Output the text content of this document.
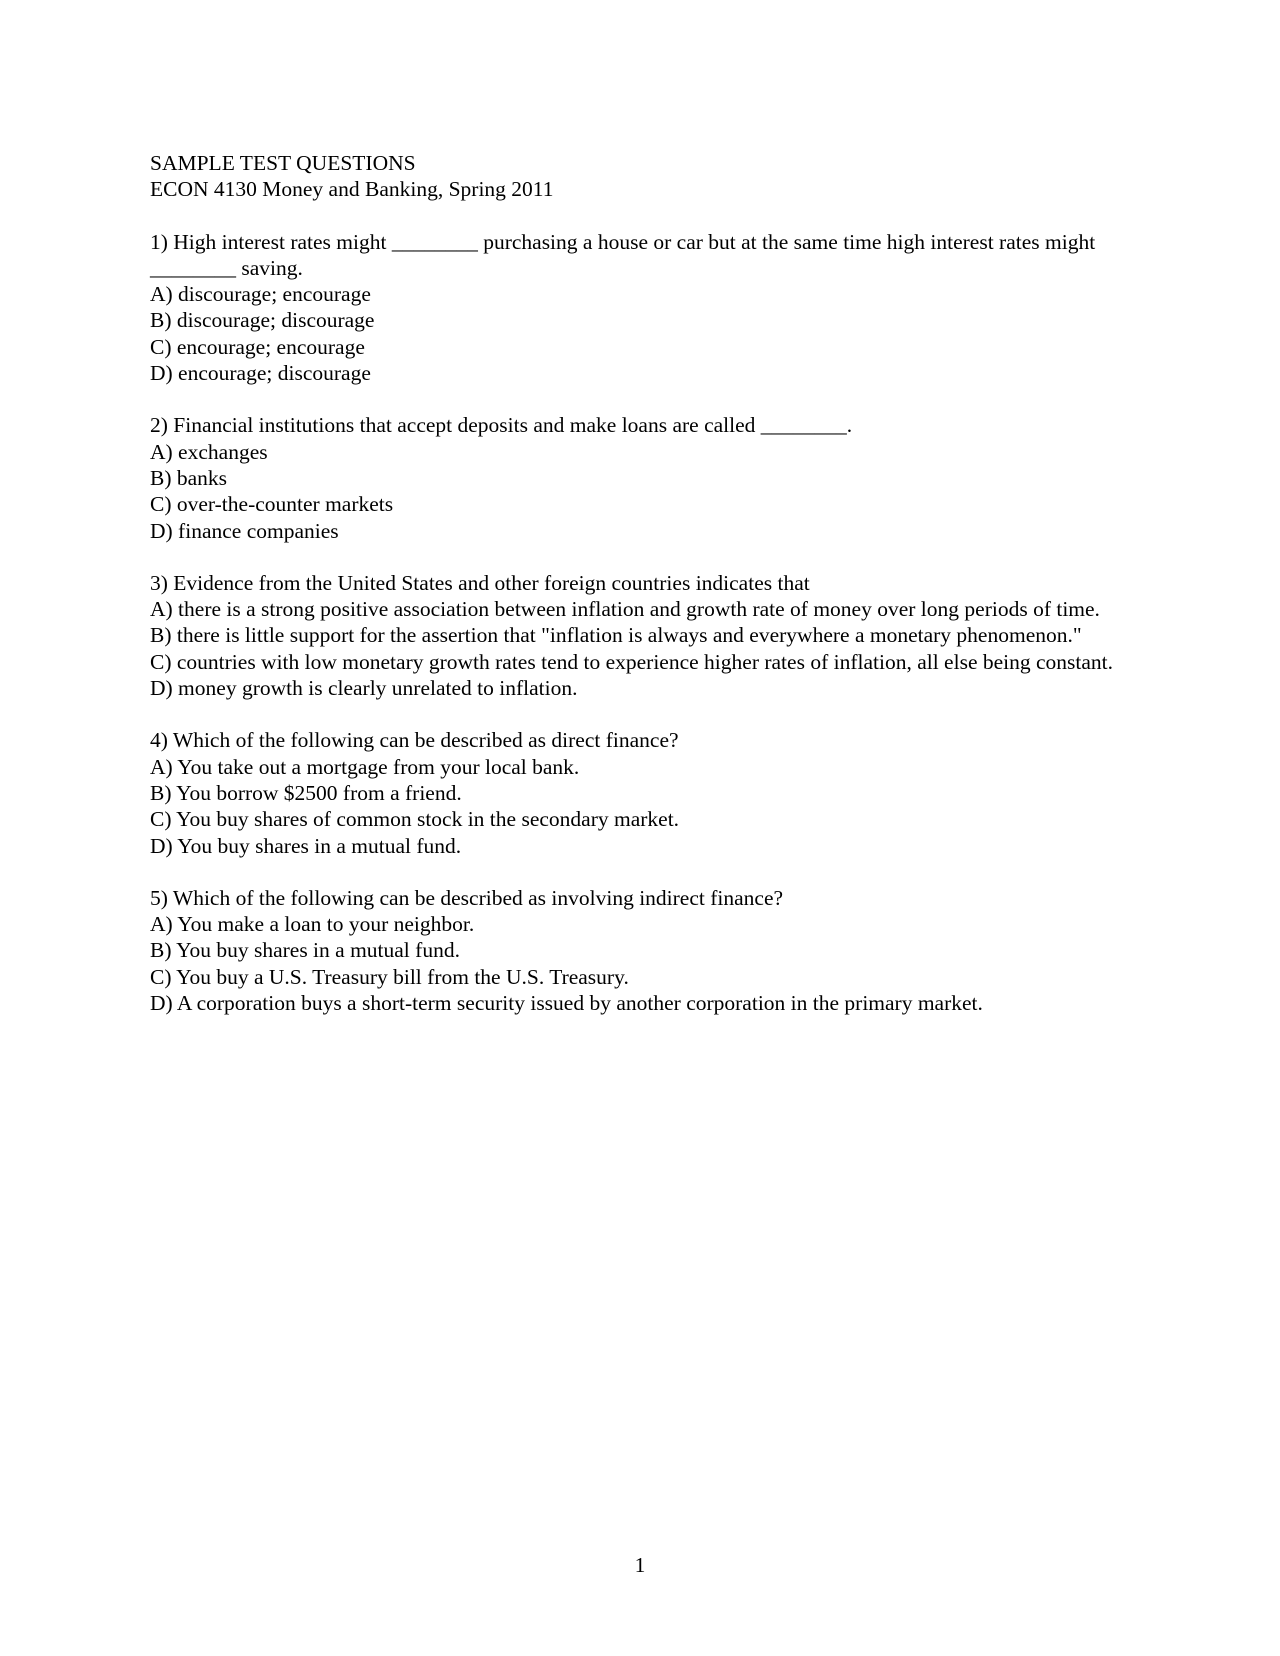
SAMPLE TEST QUESTIONS
ECON 4130 Money and Banking, Spring 2011
1) High interest rates might ________ purchasing a house or car but at the same time high interest rates might ________ saving.
A) discourage; encourage
B) discourage; discourage
C) encourage; encourage
D) encourage; discourage
2) Financial institutions that accept deposits and make loans are called ________.
A) exchanges
B) banks
C) over-the-counter markets
D) finance companies
3) Evidence from the United States and other foreign countries indicates that
A) there is a strong positive association between inflation and growth rate of money over long periods of time.
B) there is little support for the assertion that "inflation is always and everywhere a monetary phenomenon."
C) countries with low monetary growth rates tend to experience higher rates of inflation, all else being constant.
D) money growth is clearly unrelated to inflation.
4) Which of the following can be described as direct finance?
A) You take out a mortgage from your local bank.
B) You borrow $2500 from a friend.
C) You buy shares of common stock in the secondary market.
D) You buy shares in a mutual fund.
5) Which of the following can be described as involving indirect finance?
A) You make a loan to your neighbor.
B) You buy shares in a mutual fund.
C) You buy a U.S. Treasury bill from the U.S. Treasury.
D) A corporation buys a short-term security issued by another corporation in the primary market.
1
